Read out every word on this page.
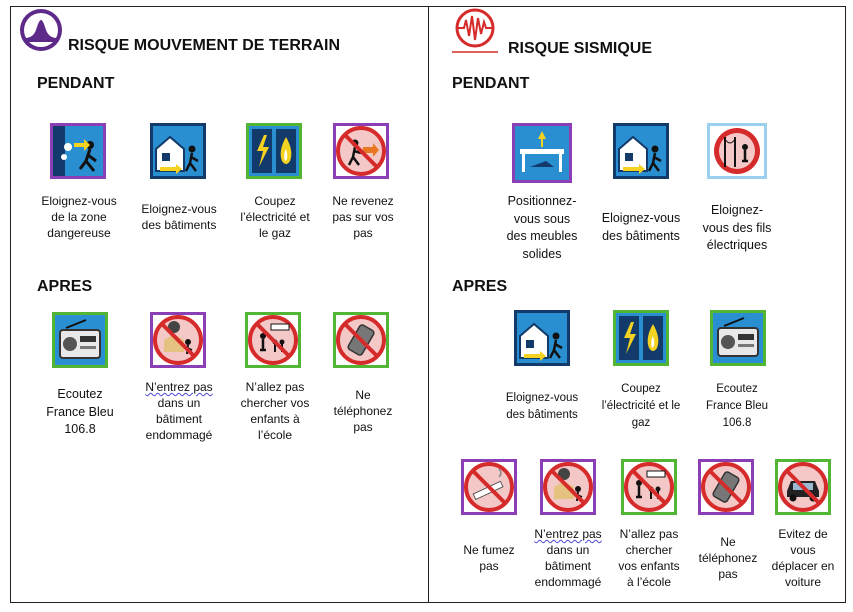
RISQUE MOUVEMENT DE TERRAIN
PENDANT
Eloignez-vous
de la zone
dangereuse
Eloignez-vous
des bâtiments
Coupez
l’électricité et
le gaz
Ne revenez
pas sur vos
pas
APRES
Ecoutez
France Bleu
106.8
N’entrez pas
dans un
bâtiment
endommagé
N’allez pas
chercher vos
enfants à
l’école
Ne
téléphonez
pas
RISQUE SISMIQUE
PENDANT
Positionnez-
vous sous
des meubles
solides
Eloignez-vous
des bâtiments
Eloignez-
vous des fils
électriques
APRES
Eloignez-vous
des bâtiments
Coupez
l’électricité et le
gaz
Ecoutez
France Bleu
106.8
Ne fumez
pas
N’entrez pas
dans un
bâtiment
endommagé
N’allez pas
chercher
vos enfants
à l’école
Ne
téléphonez
pas
Evitez de
vous
déplacer en
voiture
